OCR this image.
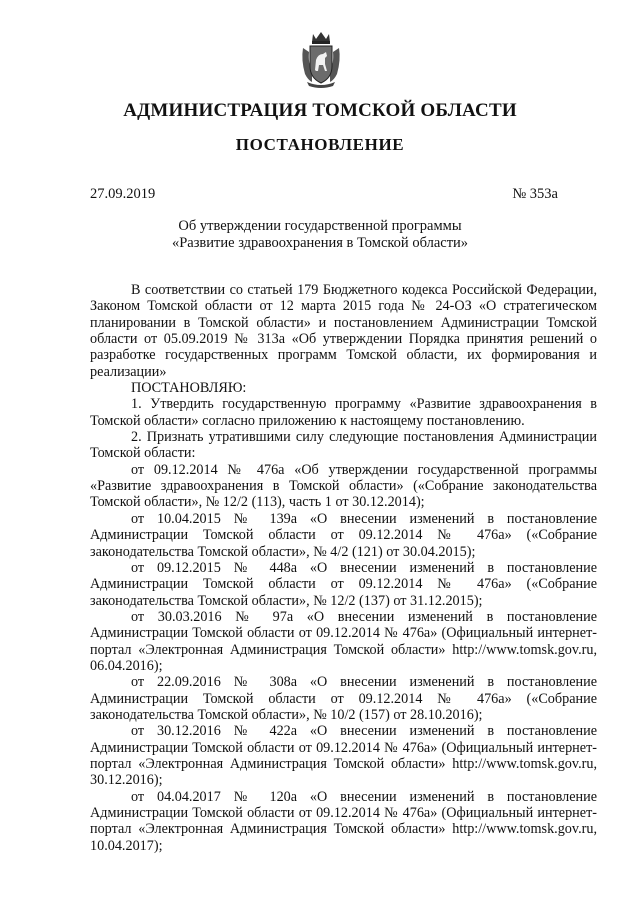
АДМИНИСТРАЦИЯ ТОМСКОЙ ОБЛАСТИ
ПОСТАНОВЛЕНИЕ
27.09.2019	№ 353а
Об утверждении государственной программы
«Развитие здравоохранения в Томской области»

В соответствии со статьей 179 Бюджетного кодекса Российской Федерации, Законом Томской области от 12 марта 2015 года № 24-ОЗ «О стратегическом планировании в Томской области» и постановлением Администрации Томской области от 05.09.2019 № 313а «Об утверждении Порядка принятия решений о разработке государственных программ Томской области, их формирования и реализации»

ПОСТАНОВЛЯЮ:

1. Утвердить государственную программу «Развитие здравоохранения в Томской области» согласно приложению к настоящему постановлению.

2. Признать утратившими силу следующие постановления Администрации Томской области:

от 09.12.2014 № 476а «Об утверждении государственной программы «Развитие здравоохранения в Томской области» («Собрание законодательства Томской области», № 12/2 (113), часть 1 от 30.12.2014);

от 10.04.2015 № 139а «О внесении изменений в постановление Администрации Томской области от 09.12.2014 № 476а» («Собрание законодательства Томской области», № 4/2 (121) от 30.04.2015);

от 09.12.2015 № 448а «О внесении изменений в постановление Администрации Томской области от 09.12.2014 № 476а» («Собрание законодательства Томской области», № 12/2 (137) от 31.12.2015);

от 30.03.2016 № 97а «О внесении изменений в постановление Администрации Томской области от 09.12.2014 № 476а» (Официальный интернет-портал «Электронная Администрация Томской области» http://www.tomsk.gov.ru, 06.04.2016);

от 22.09.2016 № 308а «О внесении изменений в постановление Администрации Томской области от 09.12.2014 № 476а» («Собрание законодательства Томской области», № 10/2 (157) от 28.10.2016);

от 30.12.2016 № 422а «О внесении изменений в постановление Администрации Томской области от 09.12.2014 № 476а» (Официальный интернет-портал «Электронная Администрация Томской области» http://www.tomsk.gov.ru, 30.12.2016);

от 04.04.2017 № 120а «О внесении изменений в постановление Администрации Томской области от 09.12.2014 № 476а» (Официальный интернет-портал «Электронная Администрация Томской области» http://www.tomsk.gov.ru, 10.04.2017);
